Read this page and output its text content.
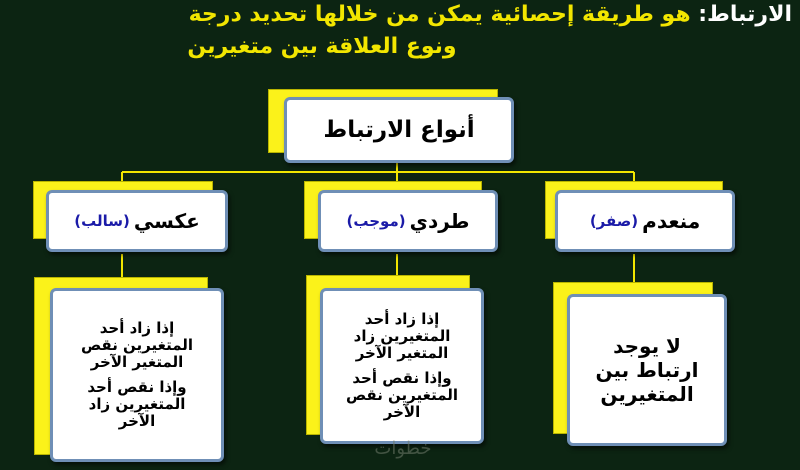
الارتباط: هو طريقة إحصائية يمكن من خلالها تحديد درجة
ونوع العلاقة بين متغيرين
أنواع الارتباط
منعدم
(صفر)
طردي
(موجب)
عكسي
(سالب)

لا يوجد ارتباط بين المتغيرين

إذا زاد أحد المتغيرين زاد المتغير الآخر

وإذا نقص أحد المتغيرين نقص الآخر

إذا زاد أحد المتغيرين نقص المتغير الآخر

وإذا نقص أحد المتغيرين زاد الآخر

خطوات
